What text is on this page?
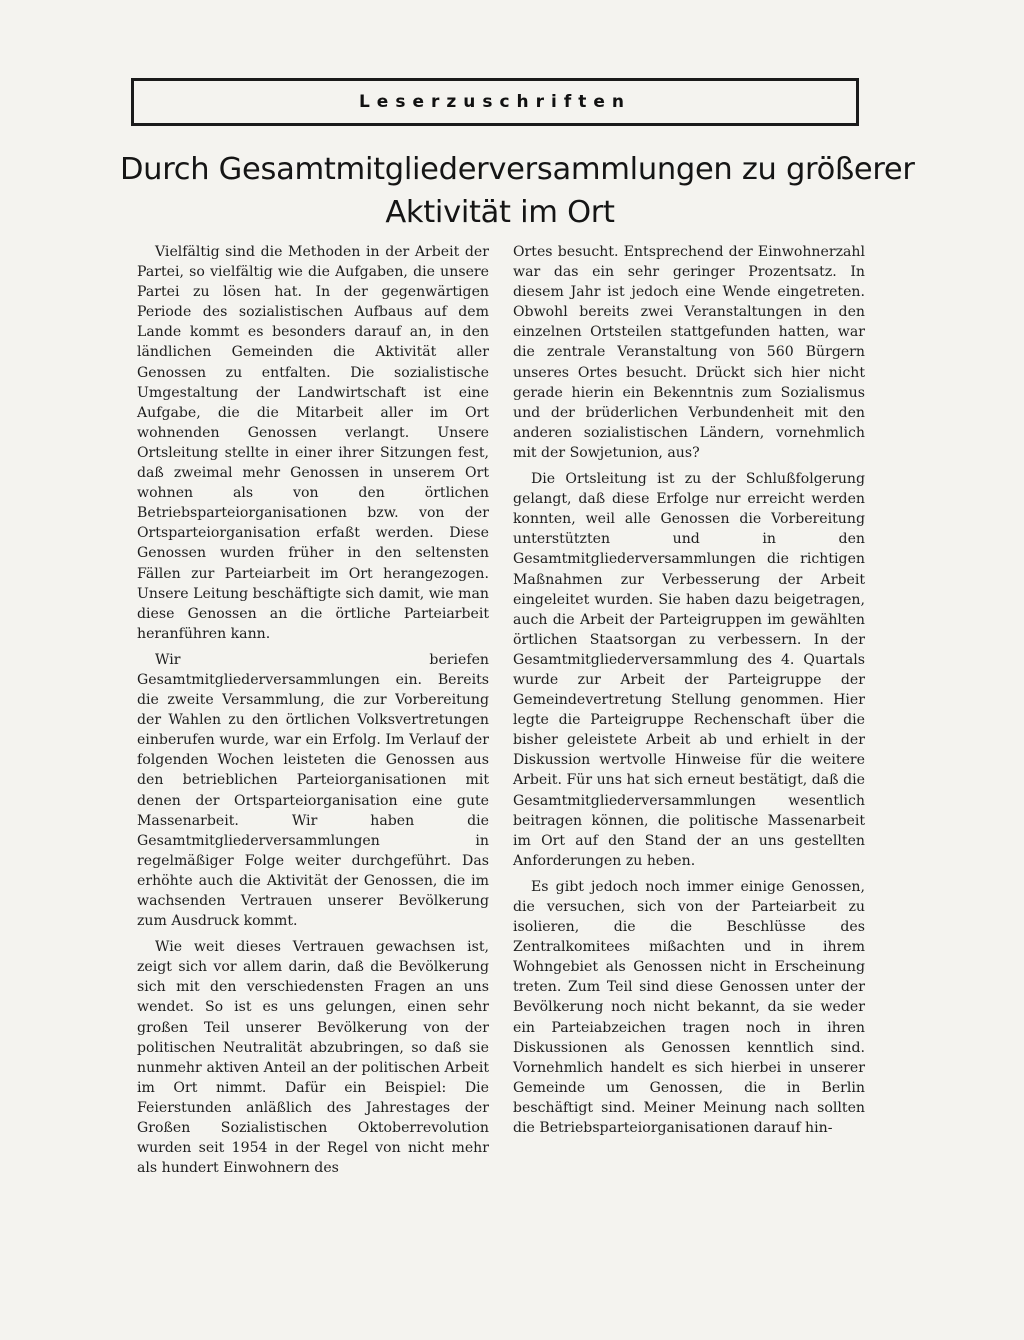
Leserzuschriften
Durch Gesamtmitgliederversammlungen zu größerer
Aktivität im Ort

Vielfältig sind die Methoden in der Arbeit der Partei, so vielfältig wie die Aufgaben, die unsere Partei zu lösen hat. In der gegenwärtigen Periode des sozialistischen Aufbaus auf dem Lande kommt es besonders darauf an, in den ländlichen Gemeinden die Aktivität aller Genossen zu entfalten. Die sozialistische Umgestaltung der Landwirtschaft ist eine Aufgabe, die die Mitarbeit aller im Ort wohnenden Genossen verlangt. Unsere Ortsleitung stellte in einer ihrer Sitzungen fest, daß zweimal mehr Genossen in unserem Ort wohnen als von den örtlichen Betriebsparteiorganisationen bzw. von der Ortsparteiorganisation erfaßt werden. Diese Genossen wurden früher in den seltensten Fällen zur Parteiarbeit im Ort herangezogen. Unsere Leitung beschäftigte sich damit, wie man diese Genossen an die örtliche Parteiarbeit heranführen kann.

Wir beriefen Gesamtmitgliederversammlungen ein. Bereits die zweite Versammlung, die zur Vorbereitung der Wahlen zu den örtlichen Volksvertretungen einberufen wurde, war ein Erfolg. Im Verlauf der folgenden Wochen leisteten die Genossen aus den betrieblichen Parteiorganisationen mit denen der Ortsparteiorganisation eine gute Massenarbeit. Wir haben die Gesamtmitgliederversammlungen in regelmäßiger Folge weiter durchgeführt. Das erhöhte auch die Aktivität der Genossen, die im wachsenden Vertrauen unserer Bevölkerung zum Ausdruck kommt.

Wie weit dieses Vertrauen gewachsen ist, zeigt sich vor allem darin, daß die Bevölkerung sich mit den verschiedensten Fragen an uns wendet. So ist es uns gelungen, einen sehr großen Teil unserer Bevölkerung von der politischen Neutralität abzubringen, so daß sie nunmehr aktiven Anteil an der politischen Arbeit im Ort nimmt. Dafür ein Beispiel: Die Feierstunden anläßlich des Jahrestages der Großen Sozialistischen Oktoberrevolution wurden seit 1954 in der Regel von nicht mehr als hundert Einwohnern des

Ortes besucht. Entsprechend der Einwohnerzahl war das ein sehr geringer Prozentsatz. In diesem Jahr ist jedoch eine Wende eingetreten. Obwohl bereits zwei Veranstaltungen in den einzelnen Ortsteilen stattgefunden hatten, war die zentrale Veranstaltung von 560 Bürgern unseres Ortes besucht. Drückt sich hier nicht gerade hierin ein Bekenntnis zum Sozialismus und der brüderlichen Verbundenheit mit den anderen sozialistischen Ländern, vornehmlich mit der Sowjetunion, aus?

Die Ortsleitung ist zu der Schlußfolgerung gelangt, daß diese Erfolge nur erreicht werden konnten, weil alle Genossen die Vorbereitung unterstützten und in den Gesamtmitgliederversammlungen die richtigen Maßnahmen zur Verbesserung der Arbeit eingeleitet wurden. Sie haben dazu beigetragen, auch die Arbeit der Parteigruppen im gewählten örtlichen Staatsorgan zu verbessern. In der Gesamtmitgliederversammlung des 4. Quartals wurde zur Arbeit der Parteigruppe der Gemeindevertretung Stellung genommen. Hier legte die Parteigruppe Rechenschaft über die bisher geleistete Arbeit ab und erhielt in der Diskussion wertvolle Hinweise für die weitere Arbeit. Für uns hat sich erneut bestätigt, daß die Gesamtmitgliederversammlungen wesentlich beitragen können, die politische Massenarbeit im Ort auf den Stand der an uns gestellten Anforderungen zu heben.

Es gibt jedoch noch immer einige Genossen, die versuchen, sich von der Parteiarbeit zu isolieren, die die Beschlüsse des Zentralkomitees mißachten und in ihrem Wohngebiet als Genossen nicht in Erscheinung treten. Zum Teil sind diese Genossen unter der Bevölkerung noch nicht bekannt, da sie weder ein Parteiabzeichen tragen noch in ihren Diskussionen als Genossen kenntlich sind. Vornehmlich handelt es sich hierbei in unserer Gemeinde um Genossen, die in Berlin beschäftigt sind. Meiner Meinung nach sollten die Betriebsparteiorganisationen darauf hin-
